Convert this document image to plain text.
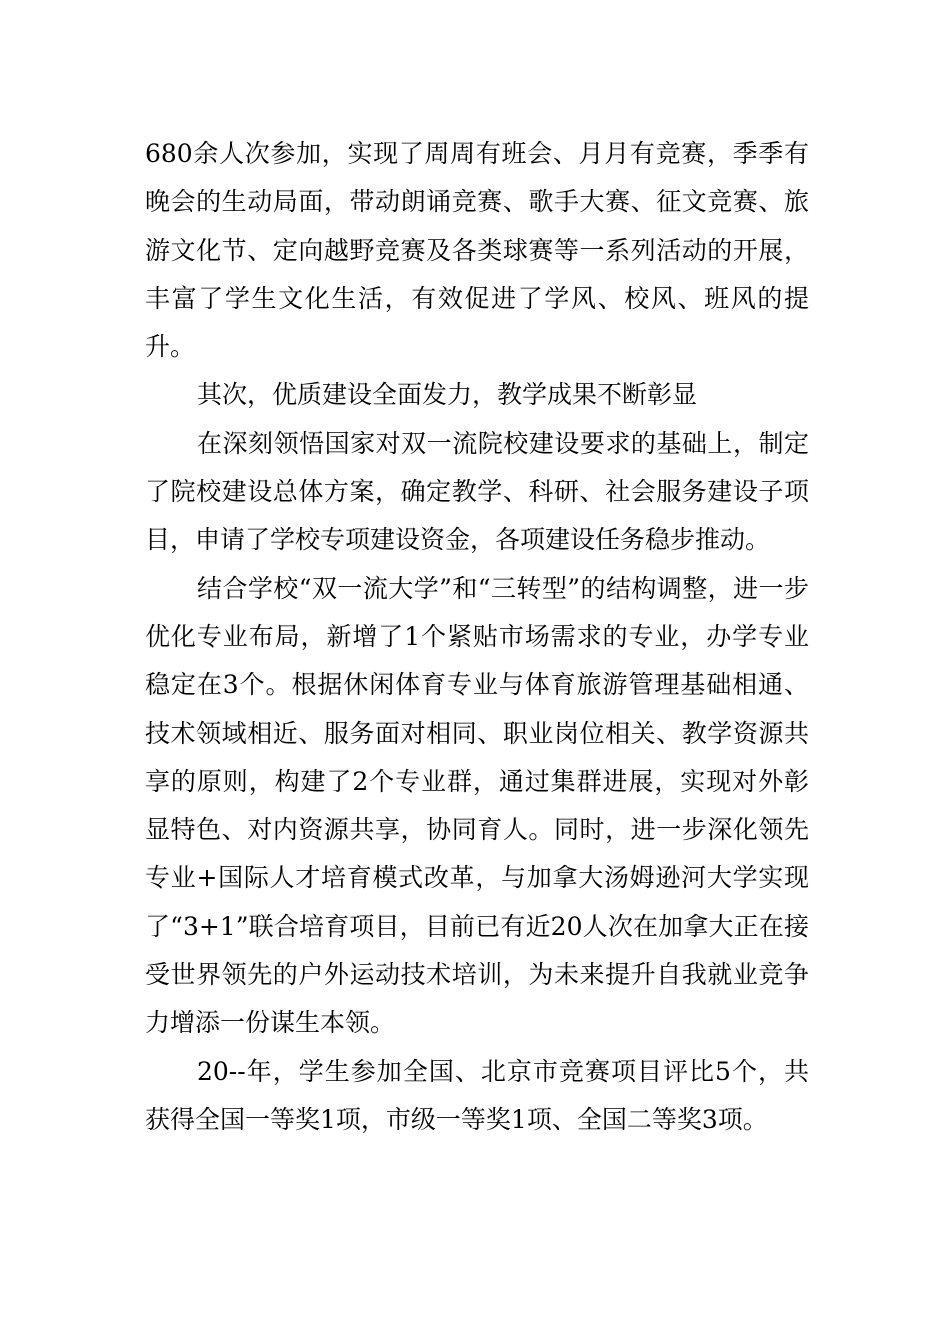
680余人次参加，实现了周周有班会、月月有竞赛，季季有晚会的生动局面，带动朗诵竞赛、歌手大赛、征文竞赛、旅游文化节、定向越野竞赛及各类球赛等一系列活动的开展，丰富了学生文化生活，有效促进了学风、校风、班风的提升。

其次，优质建设全面发力，教学成果不断彰显

在深刻领悟国家对双一流院校建设要求的基础上，制定了院校建设总体方案，确定教学、科研、社会服务建设子项目，申请了学校专项建设资金，各项建设任务稳步推动。

结合学校“双一流大学”和“三转型”的结构调整，进一步优化专业布局，新增了1个紧贴市场需求的专业，办学专业稳定在3个。根据休闲体育专业与体育旅游管理基础相通、技术领域相近、服务面对相同、职业岗位相关、教学资源共享的原则，构建了2个专业群，通过集群进展，实现对外彰显特色、对内资源共享，协同育人。同时，进一步深化领先专业+国际人才培育模式改革，与加拿大汤姆逊河大学实现了“3+1”联合培育项目，目前已有近20人次在加拿大正在接受世界领先的户外运动技术培训，为未来提升自我就业竞争力增添一份谋生本领。

20--年，学生参加全国、北京市竞赛项目评比5个，共获得全国一等奖1项，市级一等奖1项、全国二等奖3项。
